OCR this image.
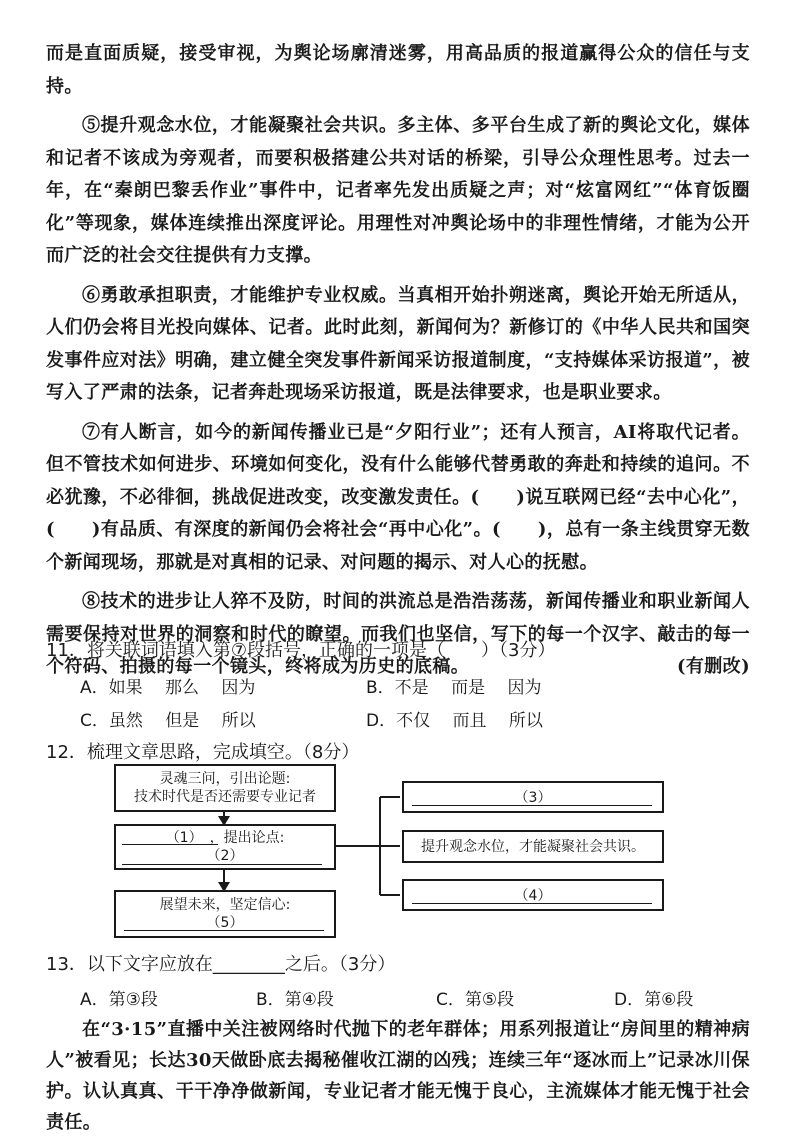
而是直面质疑，接受审视，为舆论场廓清迷雾，用高品质的报道赢得公众的信任与支持。

⑤提升观念水位，才能凝聚社会共识。多主体、多平台生成了新的舆论文化，媒体和记者不该成为旁观者，而要积极搭建公共对话的桥梁，引导公众理性思考。过去一年，在“秦朗巴黎丢作业”事件中，记者率先发出质疑之声；对“炫富网红”“体育饭圈化”等现象，媒体连续推出深度评论。用理性对冲舆论场中的非理性情绪，才能为公开而广泛的社会交往提供有力支撑。

⑥勇敢承担职责，才能维护专业权威。当真相开始扑朔迷离，舆论开始无所适从，人们仍会将目光投向媒体、记者。此时此刻，新闻何为？新修订的《中华人民共和国突发事件应对法》明确，建立健全突发事件新闻采访报道制度，“支持媒体采访报道”，被写入了严肃的法条，记者奔赴现场采访报道，既是法律要求，也是职业要求。

⑦有人断言，如今的新闻传播业已是“夕阳行业”；还有人预言，AI将取代记者。但不管技术如何进步、环境如何变化，没有什么能够代替勇敢的奔赴和持续的追问。不必犹豫，不必徘徊，挑战促进改变，改变激发责任。(　　)说互联网已经“去中心化”，(　　)有品质、有深度的新闻仍会将社会“再中心化”。(　　)，总有一条主线贯穿无数个新闻现场，那就是对真相的记录、对问题的揭示、对人心的抚慰。

⑧技术的进步让人猝不及防，时间的洪流总是浩浩荡荡，新闻传播业和职业新闻人需要保持对世界的洞察和时代的瞭望。而我们也坚信，写下的每一个汉字、敲击的每一个符码、拍摄的每一个镜头，终将成为历史的底稿。	(有删改)

11．将关联词语填入第⑦段括号，正确的一项是（　　）（3分）
A．如果　 那么　 因为	B．不是　 而是　 因为
C．虽然　 但是　 所以	D．不仅　 而且　 所以
12．梳理文章思路，完成填空。（8分）
灵魂三问，引出论题:
技术时代是否还需要专业记者
（1）　，提出论点:
（2）
展望未来，坚定信心:
（5）
（3）
提升观念水位，才能凝聚社会共识。
（4）
13．以下文字应放在________之后。（3分）
A．第③段	B．第④段	C．第⑤段	D．第⑥段

在“3·15”直播中关注被网络时代抛下的老年群体；用系列报道让“房间里的精神病人”被看见；长达30天做卧底去揭秘催收江湖的凶残；连续三年“逐冰而上”记录冰川保护。认认真真、干干净净做新闻，专业记者才能无愧于良心，主流媒体才能无愧于社会责任。
